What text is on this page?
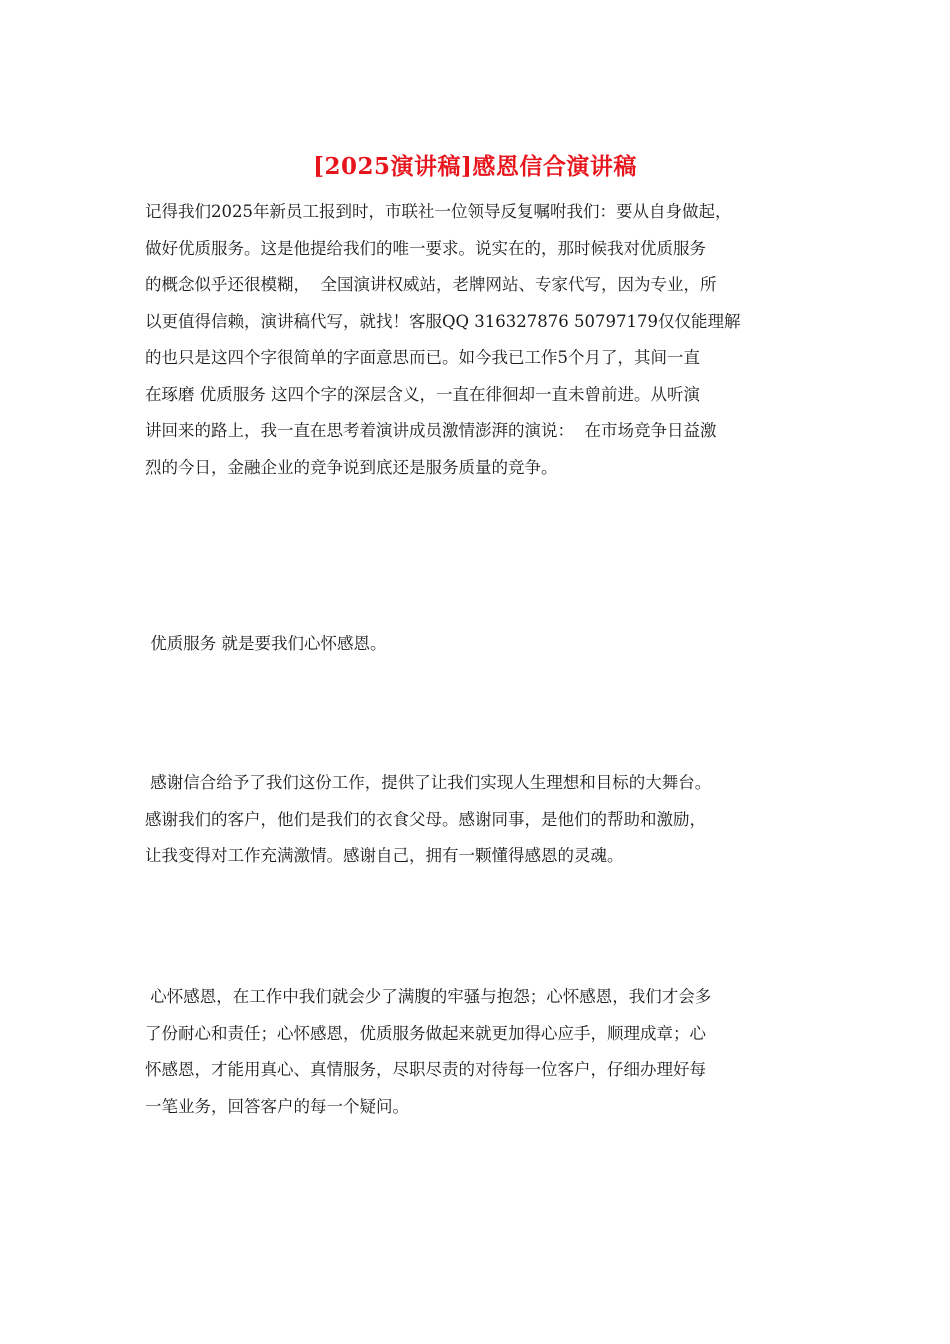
[2025演讲稿]感恩信合演讲稿

记得我们2025年新员工报到时，市联社一位领导反复嘱咐我们：要从自身做起，
做好优质服务。这是他提给我们的唯一要求。说实在的，那时候我对优质服务
的概念似乎还很模糊，  全国演讲权威站，老牌网站、专家代写，因为专业，所
以更值得信赖，演讲稿代写，就找！客服QQ 316327876 50797179仅仅能理解
的也只是这四个字很简单的字面意思而已。如今我已工作5个月了，其间一直
在琢磨 优质服务 这四个字的深层含义，一直在徘徊却一直未曾前进。从听演
讲回来的路上，我一直在思考着演讲成员激情澎湃的演说：  在市场竞争日益激
烈的今日，金融企业的竞争说到底还是服务质量的竞争。

优质服务 就是要我们心怀感恩。

感谢信合给予了我们这份工作，提供了让我们实现人生理想和目标的大舞台。
感谢我们的客户，他们是我们的衣食父母。感谢同事，是他们的帮助和激励，
让我变得对工作充满激情。感谢自己，拥有一颗懂得感恩的灵魂。

心怀感恩，在工作中我们就会少了满腹的牢骚与抱怨；心怀感恩，我们才会多
了份耐心和责任；心怀感恩，优质服务做起来就更加得心应手，顺理成章；心
怀感恩，才能用真心、真情服务，尽职尽责的对待每一位客户，仔细办理好每
一笔业务，回答客户的每一个疑问。
